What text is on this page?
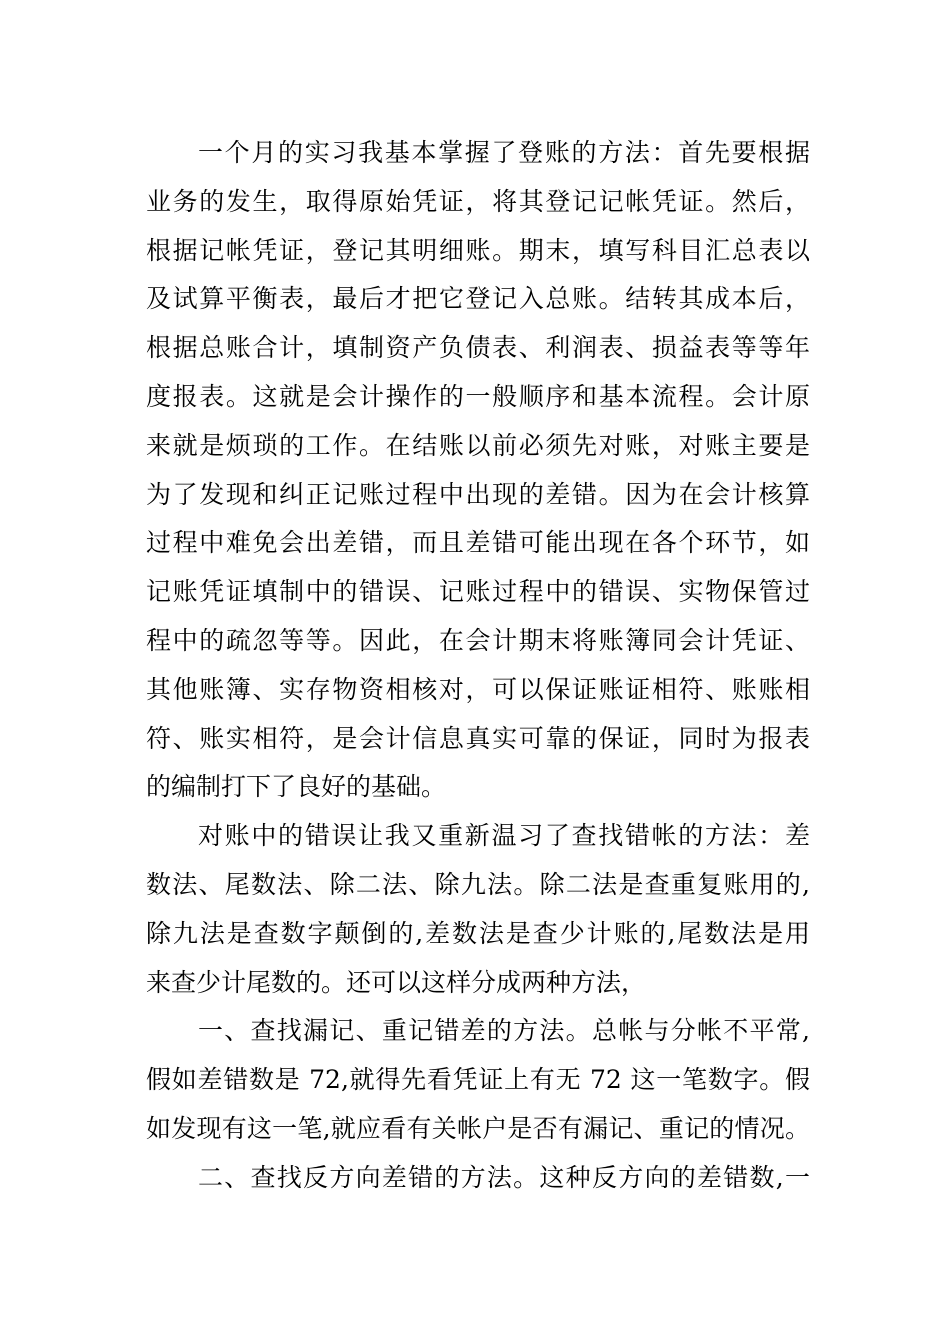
一个月的实习我基本掌握了登账的方法：首先要根据
业务的发生，取得原始凭证，将其登记记帐凭证。然后，
根据记帐凭证，登记其明细账。期末，填写科目汇总表以
及试算平衡表，最后才把它登记入总账。结转其成本后，
根据总账合计，填制资产负债表、利润表、损益表等等年
度报表。这就是会计操作的一般顺序和基本流程。会计原
来就是烦琐的工作。在结账以前必须先对账，对账主要是
为了发现和纠正记账过程中出现的差错。因为在会计核算
过程中难免会出差错，而且差错可能出现在各个环节，如
记账凭证填制中的错误、记账过程中的错误、实物保管过
程中的疏忽等等。因此，在会计期末将账簿同会计凭证、
其他账簿、实存物资相核对，可以保证账证相符、账账相
符、账实相符，是会计信息真实可靠的保证，同时为报表
的编制打下了良好的基础。
对账中的错误让我又重新温习了查找错帐的方法：差
数法、尾数法、除二法、除九法。除二法是查重复账用的,
除九法是查数字颠倒的,差数法是查少计账的,尾数法是用
来查少计尾数的。还可以这样分成两种方法，
一、查找漏记、重记错差的方法。总帐与分帐不平常,
假如差错数是 72,就得先看凭证上有无 72 这一笔数字。假
如发现有这一笔,就应看有关帐户是否有漏记、重记的情况。
二、查找反方向差错的方法。这种反方向的差错数,一
